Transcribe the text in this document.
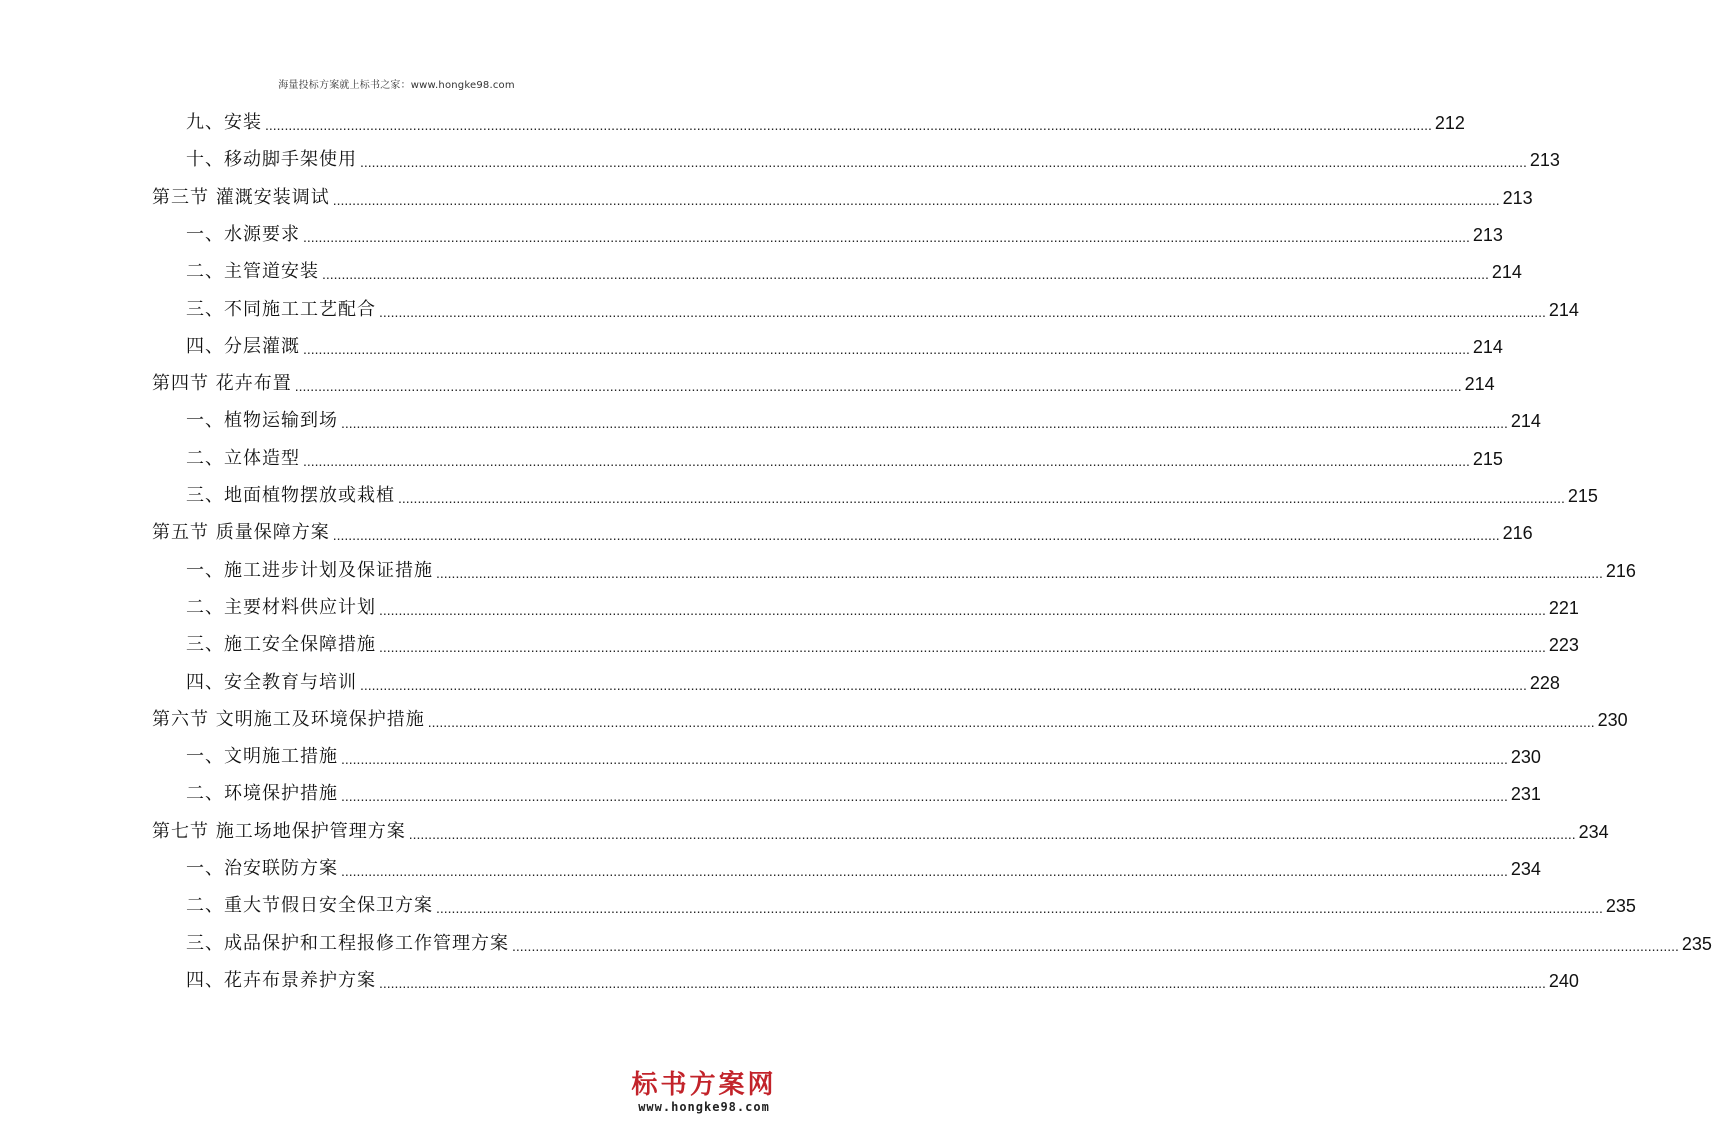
海量投标方案就上标书之家：www.hongke98.com
九、安装 ............................................................................................................................................................................................................................................................................................................ 212
十、移动脚手架使用 ............................................................................................................................................................................................................................................................................................................ 213
第三节 灌溉安装调试 ............................................................................................................................................................................................................................................................................................................ 213
一、水源要求 ............................................................................................................................................................................................................................................................................................................ 213
二、主管道安装 ............................................................................................................................................................................................................................................................................................................ 214
三、不同施工工艺配合 ............................................................................................................................................................................................................................................................................................................ 214
四、分层灌溉 ............................................................................................................................................................................................................................................................................................................ 214
第四节 花卉布置 ............................................................................................................................................................................................................................................................................................................ 214
一、植物运输到场 ............................................................................................................................................................................................................................................................................................................ 214
二、立体造型 ............................................................................................................................................................................................................................................................................................................ 215
三、地面植物摆放或栽植 ............................................................................................................................................................................................................................................................................................................ 215
第五节 质量保障方案 ............................................................................................................................................................................................................................................................................................................ 216
一、施工进步计划及保证措施 ............................................................................................................................................................................................................................................................................................................ 216
二、主要材料供应计划 ............................................................................................................................................................................................................................................................................................................ 221
三、施工安全保障措施 ............................................................................................................................................................................................................................................................................................................ 223
四、安全教育与培训 ............................................................................................................................................................................................................................................................................................................ 228
第六节 文明施工及环境保护措施 ............................................................................................................................................................................................................................................................................................................ 230
一、文明施工措施 ............................................................................................................................................................................................................................................................................................................ 230
二、环境保护措施 ............................................................................................................................................................................................................................................................................................................ 231
第七节 施工场地保护管理方案 ............................................................................................................................................................................................................................................................................................................ 234
一、治安联防方案 ............................................................................................................................................................................................................................................................................................................ 234
二、重大节假日安全保卫方案 ............................................................................................................................................................................................................................................................................................................ 235
三、成品保护和工程报修工作管理方案 ............................................................................................................................................................................................................................................................................................................ 235
四、花卉布景养护方案 ............................................................................................................................................................................................................................................................................................................ 240
标书方案网
www.hongke98.com
